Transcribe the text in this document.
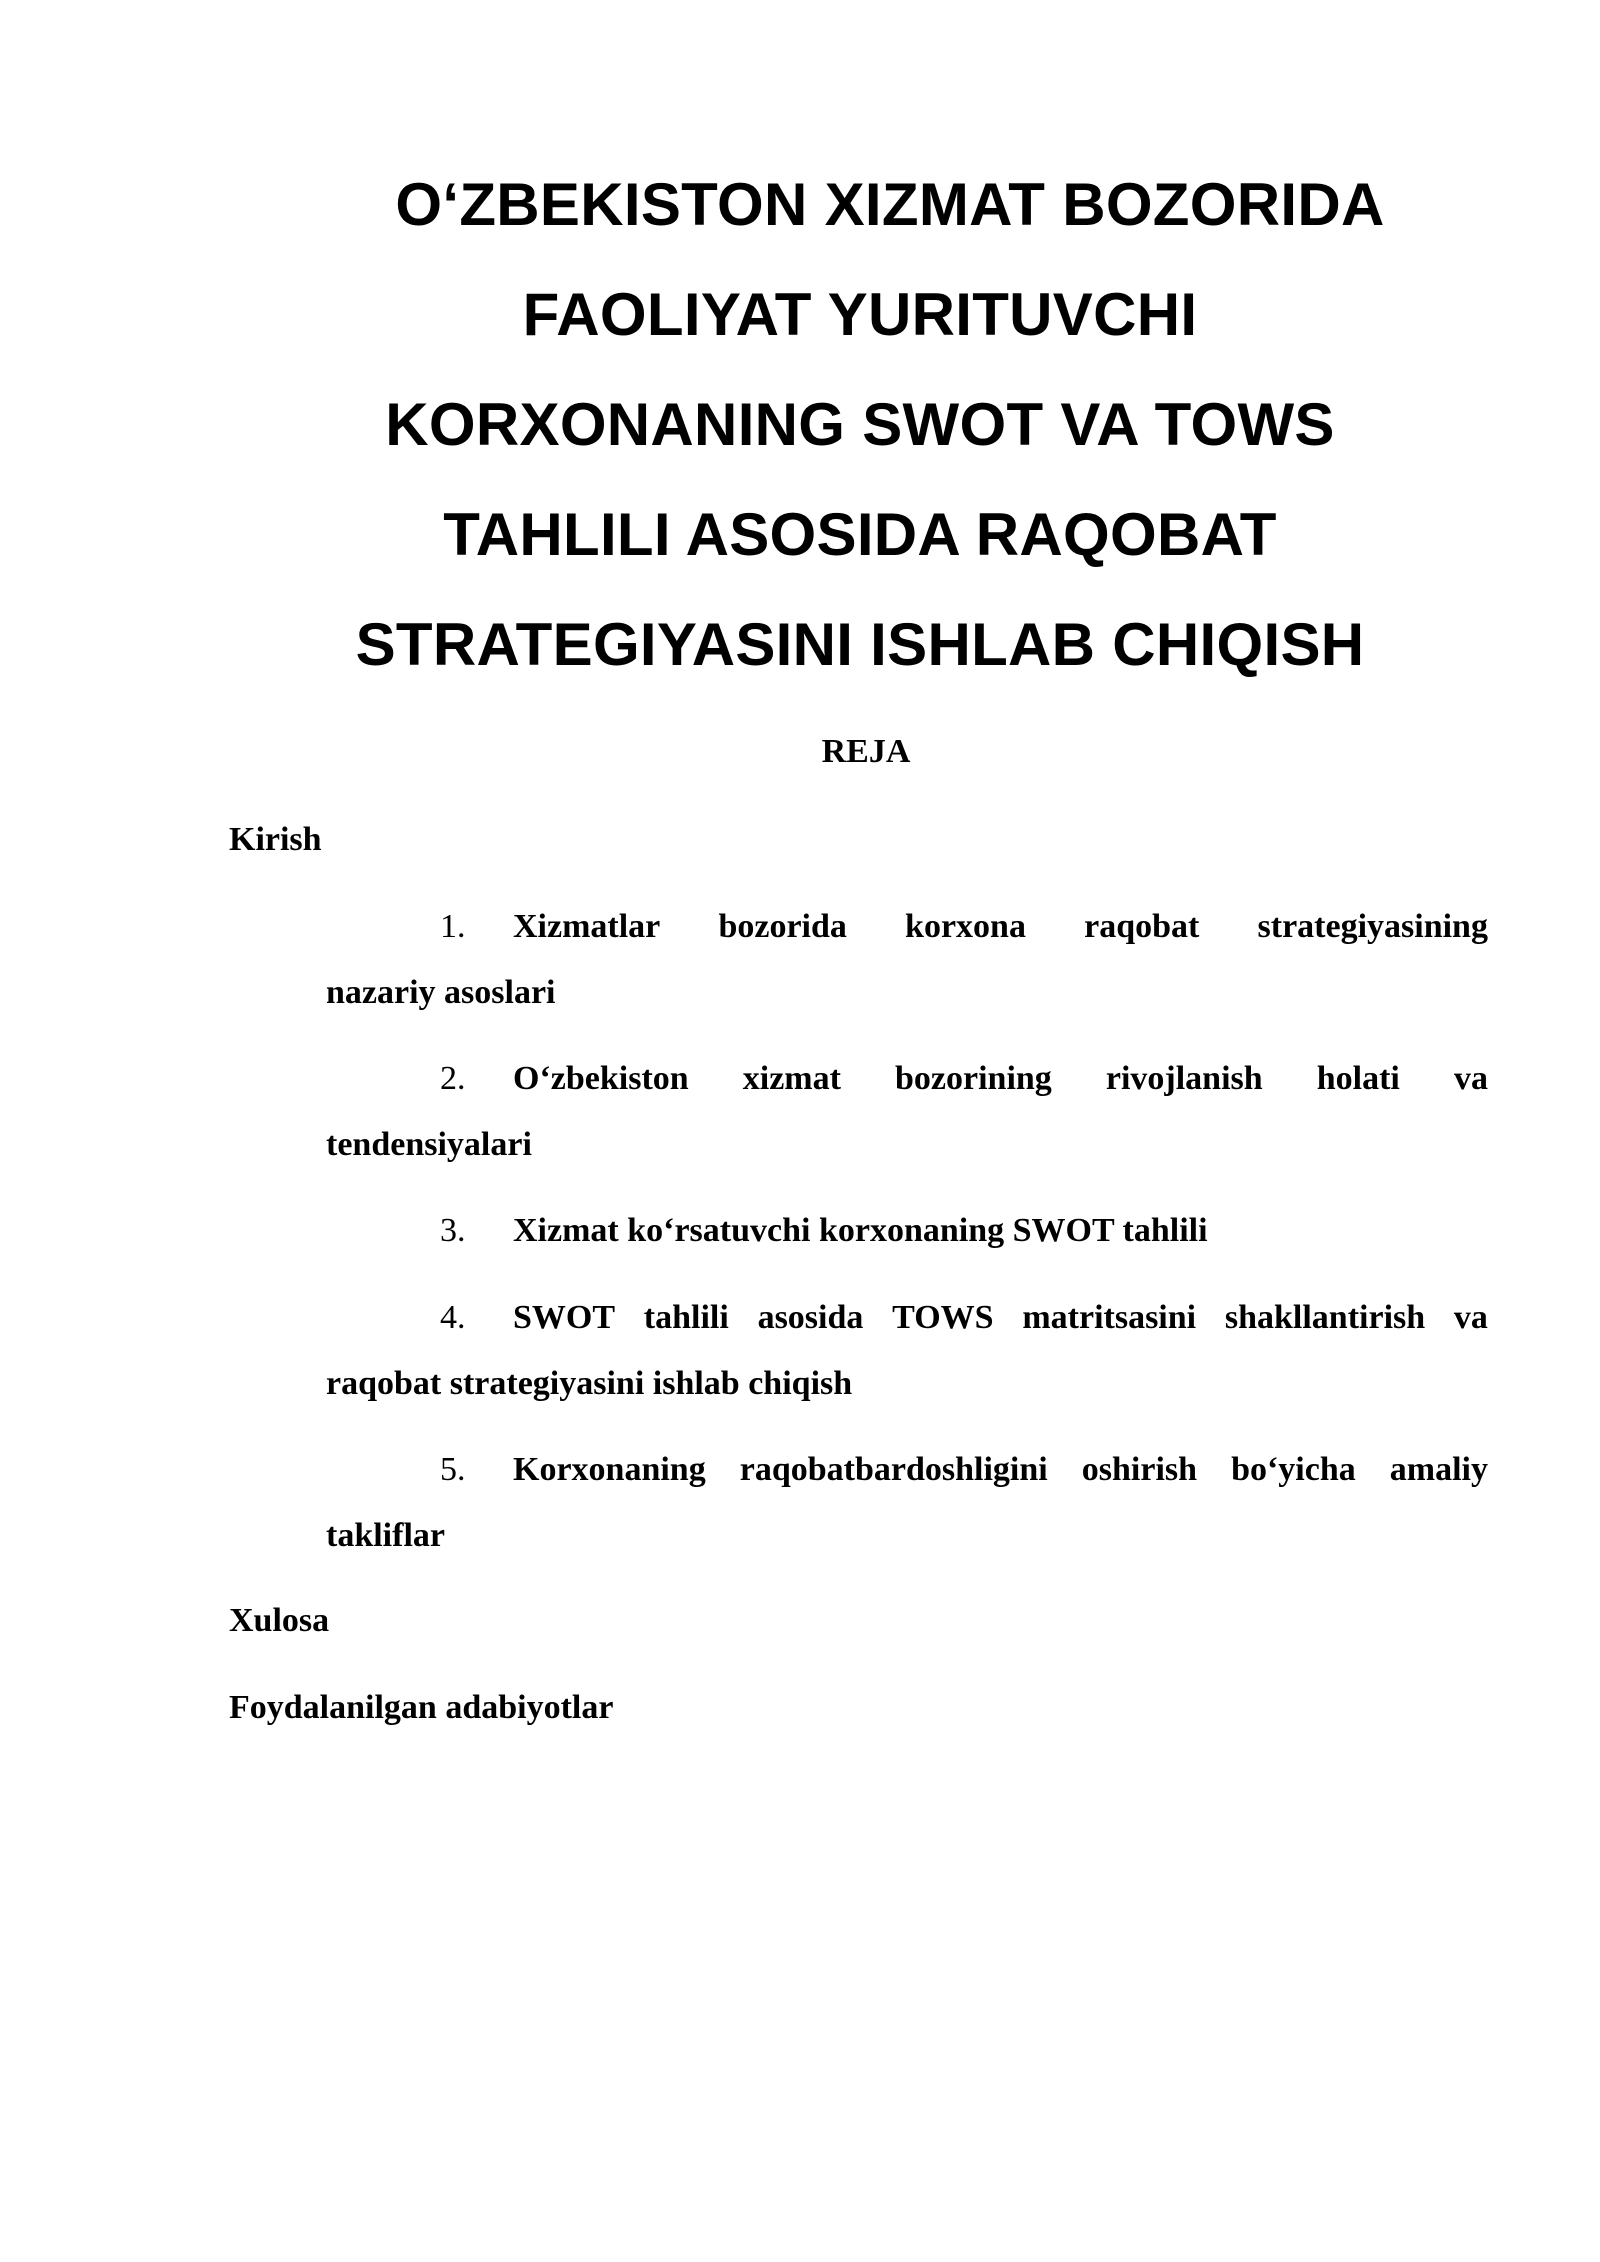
O‘ZBEKISTON XIZMAT BOZORIDA
FAOLIYAT YURITUVCHI
KORXONANING SWOT VA TOWS
TAHLILI ASOSIDA RAQOBAT
STRATEGIYASINI ISHLAB CHIQISH
REJA
Kirish
1.	Xizmatlar bozorida korxona raqobat strategiyasining
nazariy asoslari
2.	O‘zbekiston xizmat bozorining rivojlanish holati va
tendensiyalari
3.	Xizmat ko‘rsatuvchi korxonaning SWOT tahlili
4.	SWOT tahlili asosida TOWS matritsasini shakllantirish va
raqobat strategiyasini ishlab chiqish
5.	Korxonaning raqobatbardoshligini oshirish bo‘yicha amaliy
takliflar
Xulosa
Foydalanilgan adabiyotlar
